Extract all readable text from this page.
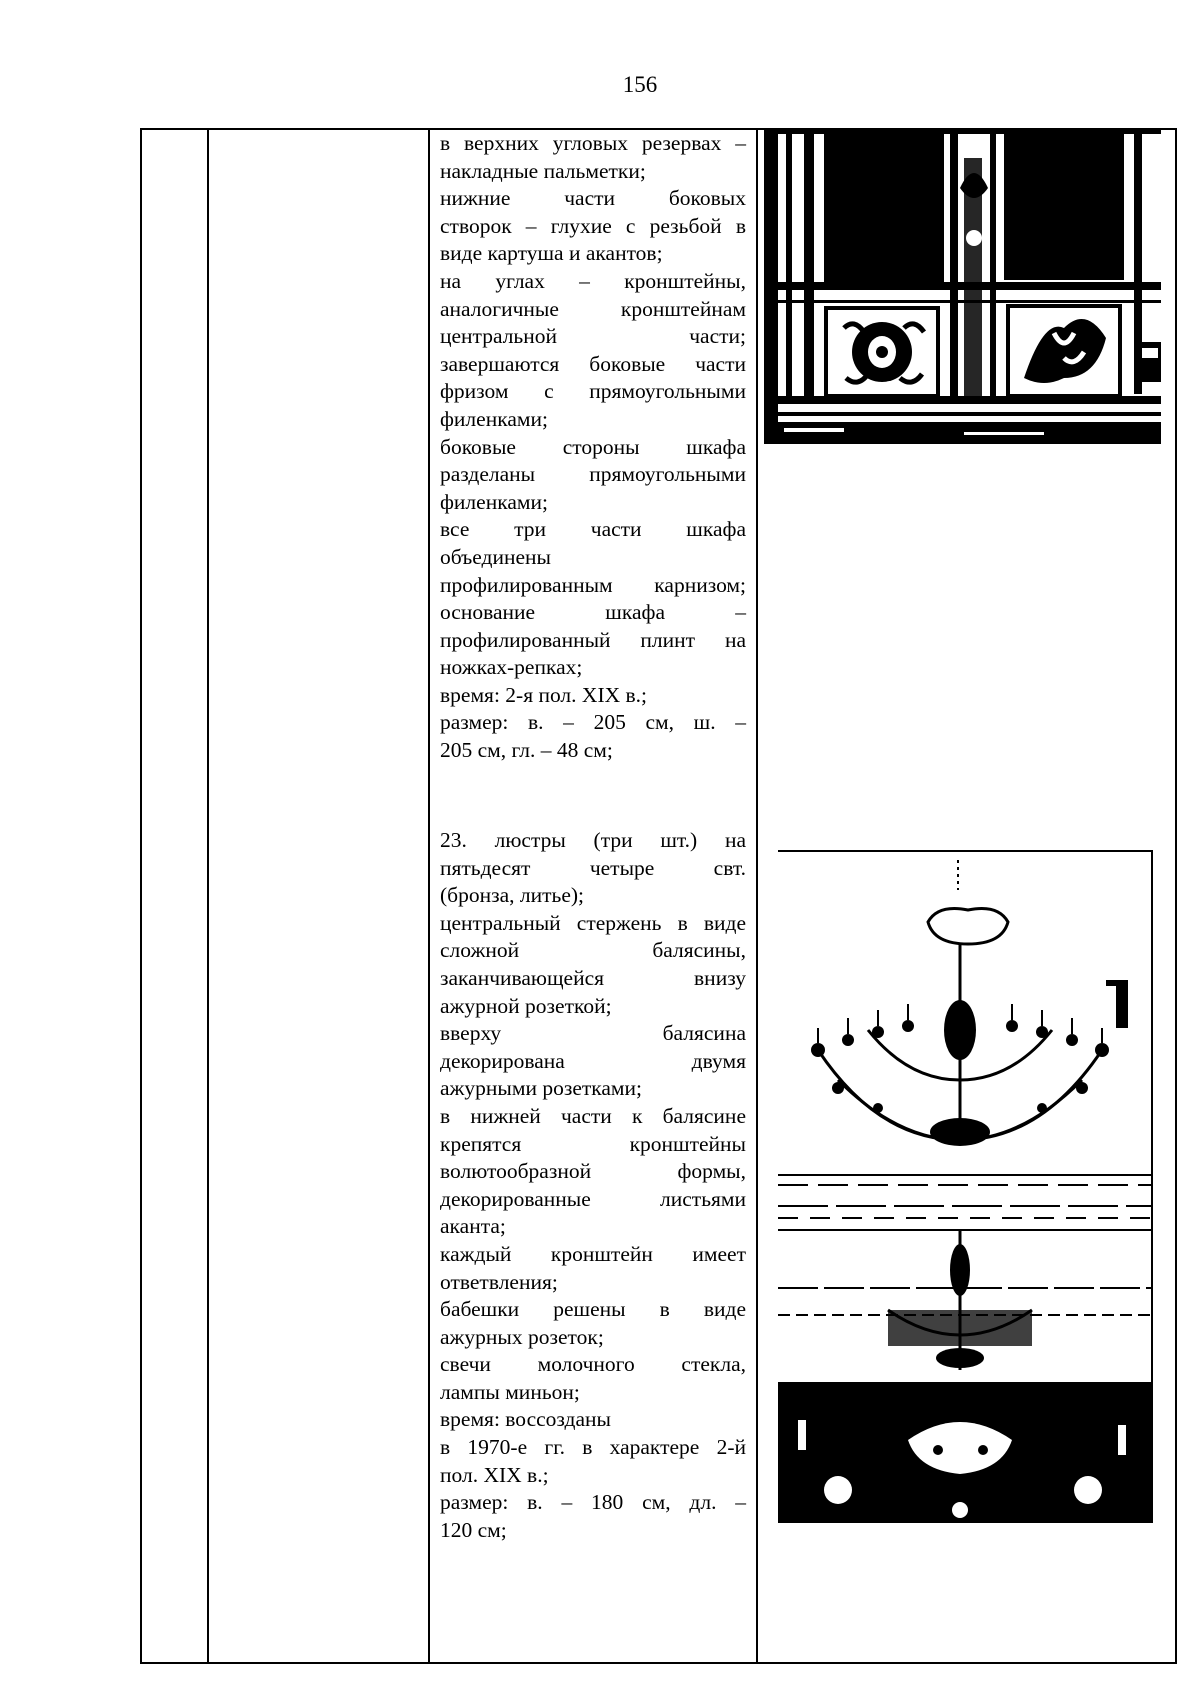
156
в верхних угловых резервах –
накладные пальметки;
нижние части боковых
створок – глухие с резьбой в
виде картуша и акантов;
на углах – кронштейны,
аналогичные кронштейнам
центральной части;
завершаются боковые части
фризом с прямоугольными
филенками;
боковые стороны шкафа
разделаны прямоугольными
филенками;
все три части шкафа
объединены
профилированным карнизом;
основание шкафа –
профилированный плинт на
ножках-репках;
время: 2-я пол. XIX в.;
размер: в. – 205 см, ш. –
205 см, гл. – 48 см;
23. люстры (три шт.) на
пятьдесят четыре свт.
(бронза, литье);
центральный стержень в виде
сложной балясины,
заканчивающейся внизу
ажурной розеткой;
вверху балясина
декорирована двумя
ажурными розетками;
в нижней части к балясине
крепятся кронштейны
волютообразной формы,
декорированные листьями
аканта;
каждый кронштейн имеет
ответвления;
бабешки решены в виде
ажурных розеток;
свечи молочного стекла,
лампы миньон;
время: воссозданы
в 1970-е гг. в характере 2-й
пол. XIX в.;
размер: в. – 180 см, дл. –
120 см;
